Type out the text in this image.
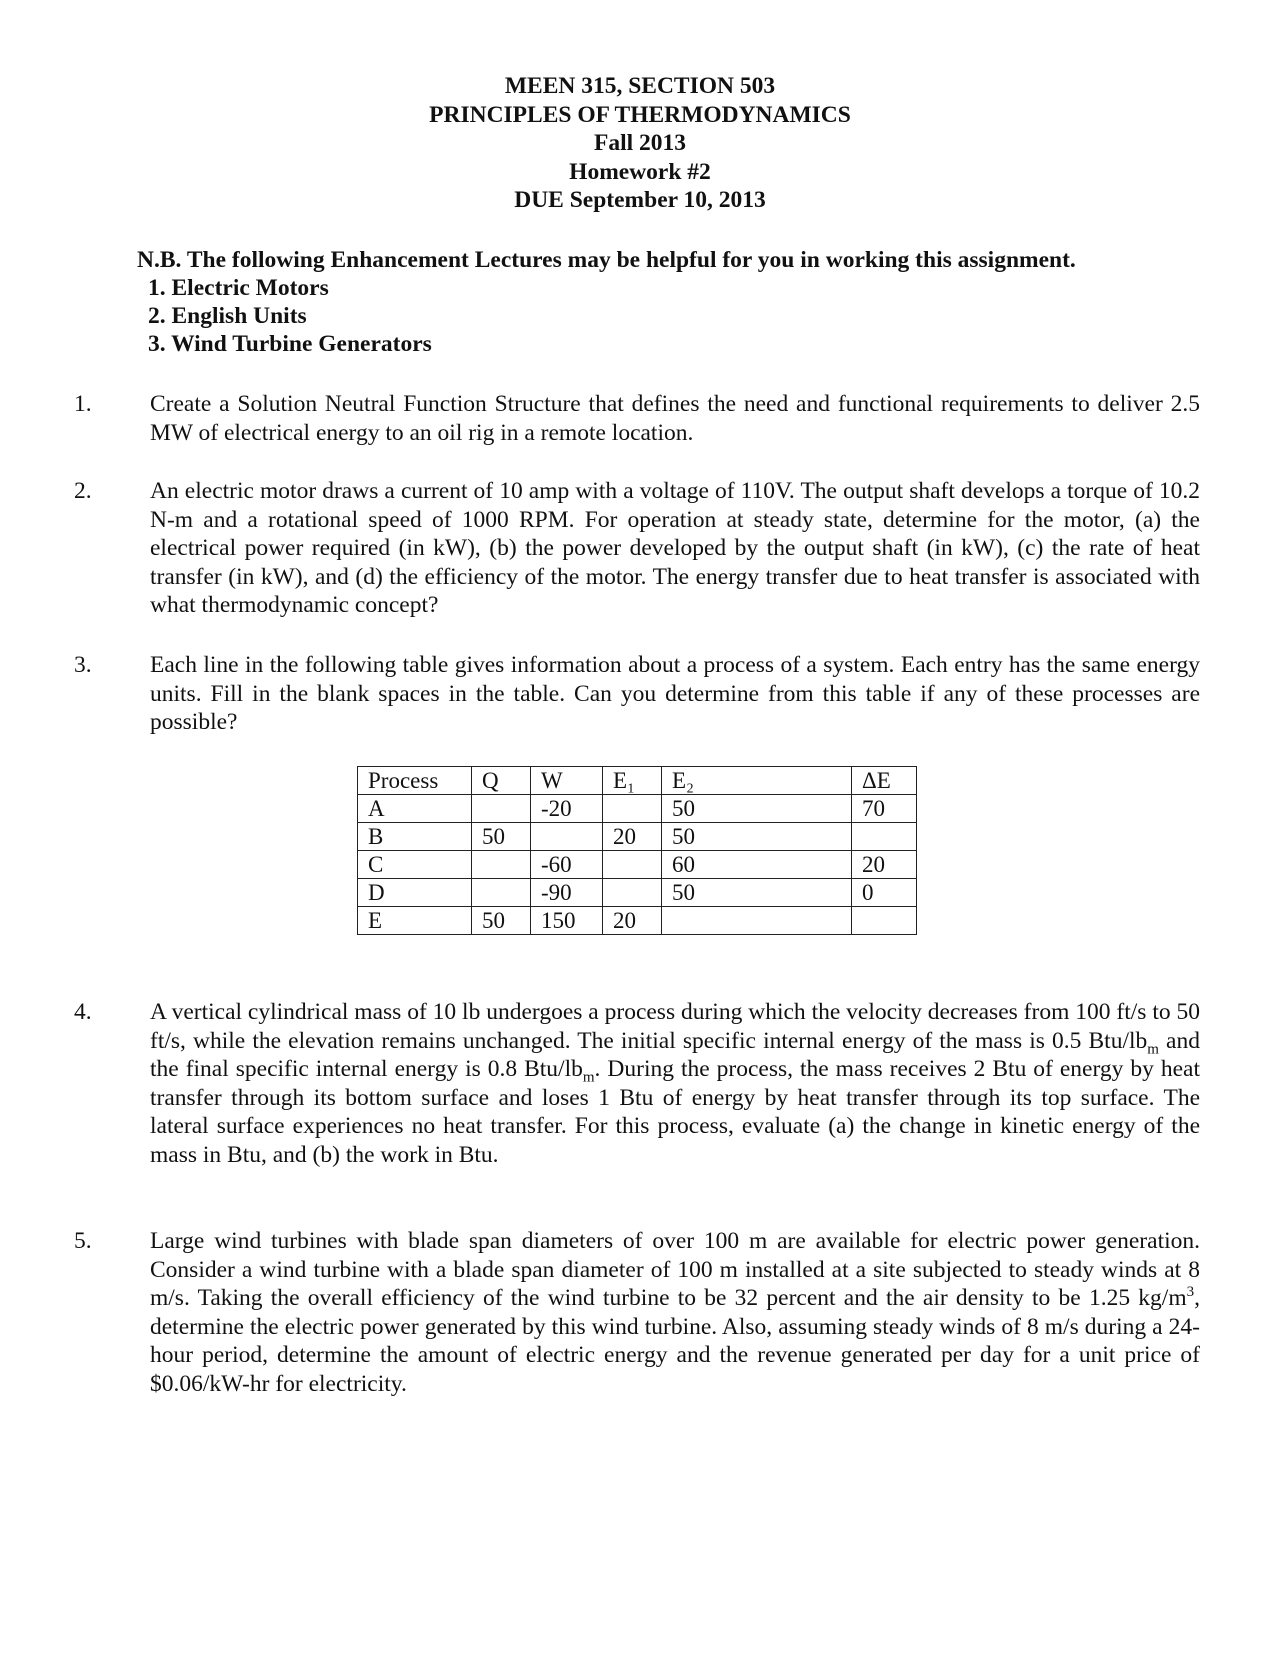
MEEN 315, SECTION 503
PRINCIPLES OF THERMODYNAMICS
Fall 2013
Homework #2
DUE September 10, 2013
N.B. The following Enhancement Lectures may be helpful for you in working this assignment.
1. Electric Motors
2. English Units
3. Wind Turbine Generators
1. Create a Solution Neutral Function Structure that defines the need and functional requirements to deliver 2.5 MW of electrical energy to an oil rig in a remote location.
2. An electric motor draws a current of 10 amp with a voltage of 110V. The output shaft develops a torque of 10.2 N-m and a rotational speed of 1000 RPM. For operation at steady state, determine for the motor, (a) the electrical power required (in kW), (b) the power developed by the output shaft (in kW), (c) the rate of heat transfer (in kW), and (d) the efficiency of the motor. The energy transfer due to heat transfer is associated with what thermodynamic concept?
3. Each line in the following table gives information about a process of a system. Each entry has the same energy units. Fill in the blank spaces in the table. Can you determine from this table if any of these processes are possible?
Process	Q	W	E₁	E₂	ΔE
A		-20		50	70
B	50		20	50	
C		-60		60	20
D		-90		50	0
E	50	150	20		
4. A vertical cylindrical mass of 10 lb undergoes a process during which the velocity decreases from 100 ft/s to 50 ft/s, while the elevation remains unchanged. The initial specific internal energy of the mass is 0.5 Btu/$lb_m$ and the final specific internal energy is 0.8 Btu/$lb_m$. During the process, the mass receives 2 Btu of energy by heat transfer through its bottom surface and loses 1 Btu of energy by heat transfer through its top surface. The lateral surface experiences no heat transfer. For this process, evaluate (a) the change in kinetic energy of the mass in Btu, and (b) the work in Btu.
5. Large wind turbines with blade span diameters of over 100 m are available for electric power generation. Consider a wind turbine with a blade span diameter of 100 m installed at a site subjected to steady winds at 8 m/s. Taking the overall efficiency of the wind turbine to be 32 percent and the air density to be 1.25 $kg/m^3$, determine the electric power generated by this wind turbine. Also, assuming steady winds of 8 m/s during a 24-hour period, determine the amount of electric energy and the revenue generated per day for a unit price of $0.06/kW-hr for electricity.
